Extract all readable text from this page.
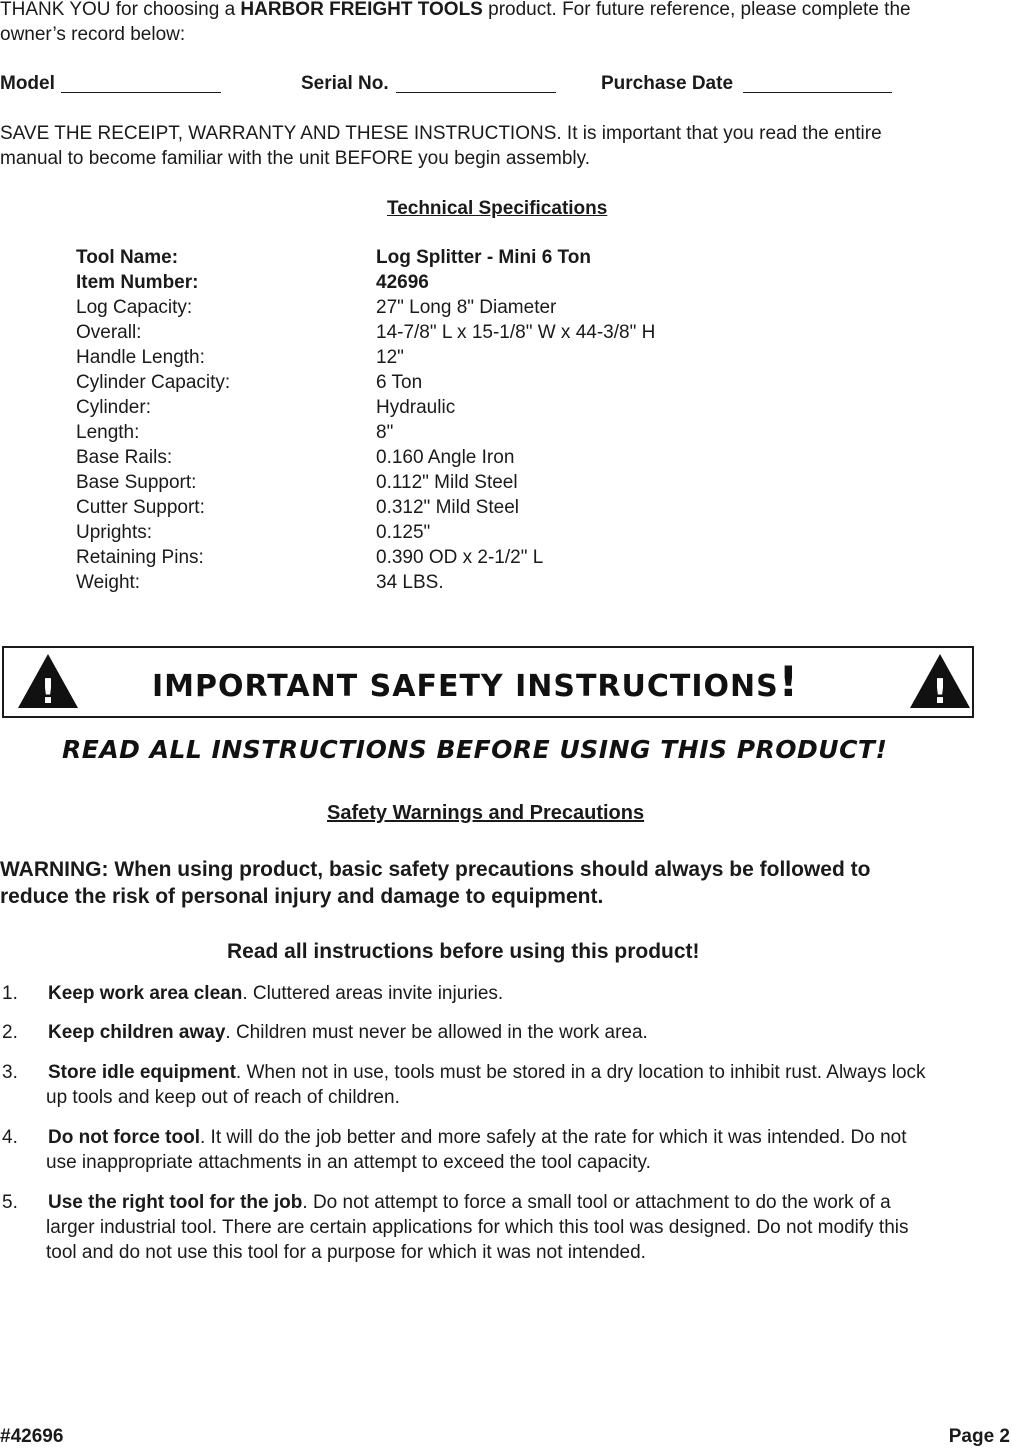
THANK YOU for choosing a HARBOR FREIGHT TOOLS product. For future reference, please complete the
owner’s record below:
Model	Serial No.	Purchase Date
SAVE THE RECEIPT, WARRANTY AND THESE INSTRUCTIONS. It is important that you read the entire
manual to become familiar with the unit BEFORE you begin assembly.
Technical Specifications
Tool Name:	Log Splitter - Mini 6 Ton
Item Number:	42696
Log Capacity:	27" Long 8" Diameter
Overall:	14-7/8" L x 15-1/8" W x 44-3/8" H
Handle Length:	12"
Cylinder Capacity:	6 Ton
Cylinder:	Hydraulic
Length:	8"
Base Rails:	0.160 Angle Iron
Base Support:	0.112" Mild Steel
Cutter Support:	0.312" Mild Steel
Uprights:	0.125"
Retaining Pins:	0.390 OD x 2-1/2" L
Weight:	34 LBS.
!	IMPORTANT SAFETY INSTRUCTIONS!	!
READ ALL INSTRUCTIONS BEFORE USING THIS PRODUCT!
Safety Warnings and Precautions
WARNING: When using product, basic safety precautions should always be followed to
reduce the risk of personal injury and damage to equipment.
Read all instructions before using this product!
1. Keep work area clean. Cluttered areas invite injuries.
2. Keep children away. Children must never be allowed in the work area.
3. Store idle equipment. When not in use, tools must be stored in a dry location to inhibit rust. Always lock
up tools and keep out of reach of children.
4. Do not force tool. It will do the job better and more safely at the rate for which it was intended. Do not
use inappropriate attachments in an attempt to exceed the tool capacity.
5. Use the right tool for the job. Do not attempt to force a small tool or attachment to do the work of a
larger industrial tool. There are certain applications for which this tool was designed. Do not modify this
tool and do not use this tool for a purpose for which it was not intended.
#42696	Page 2
